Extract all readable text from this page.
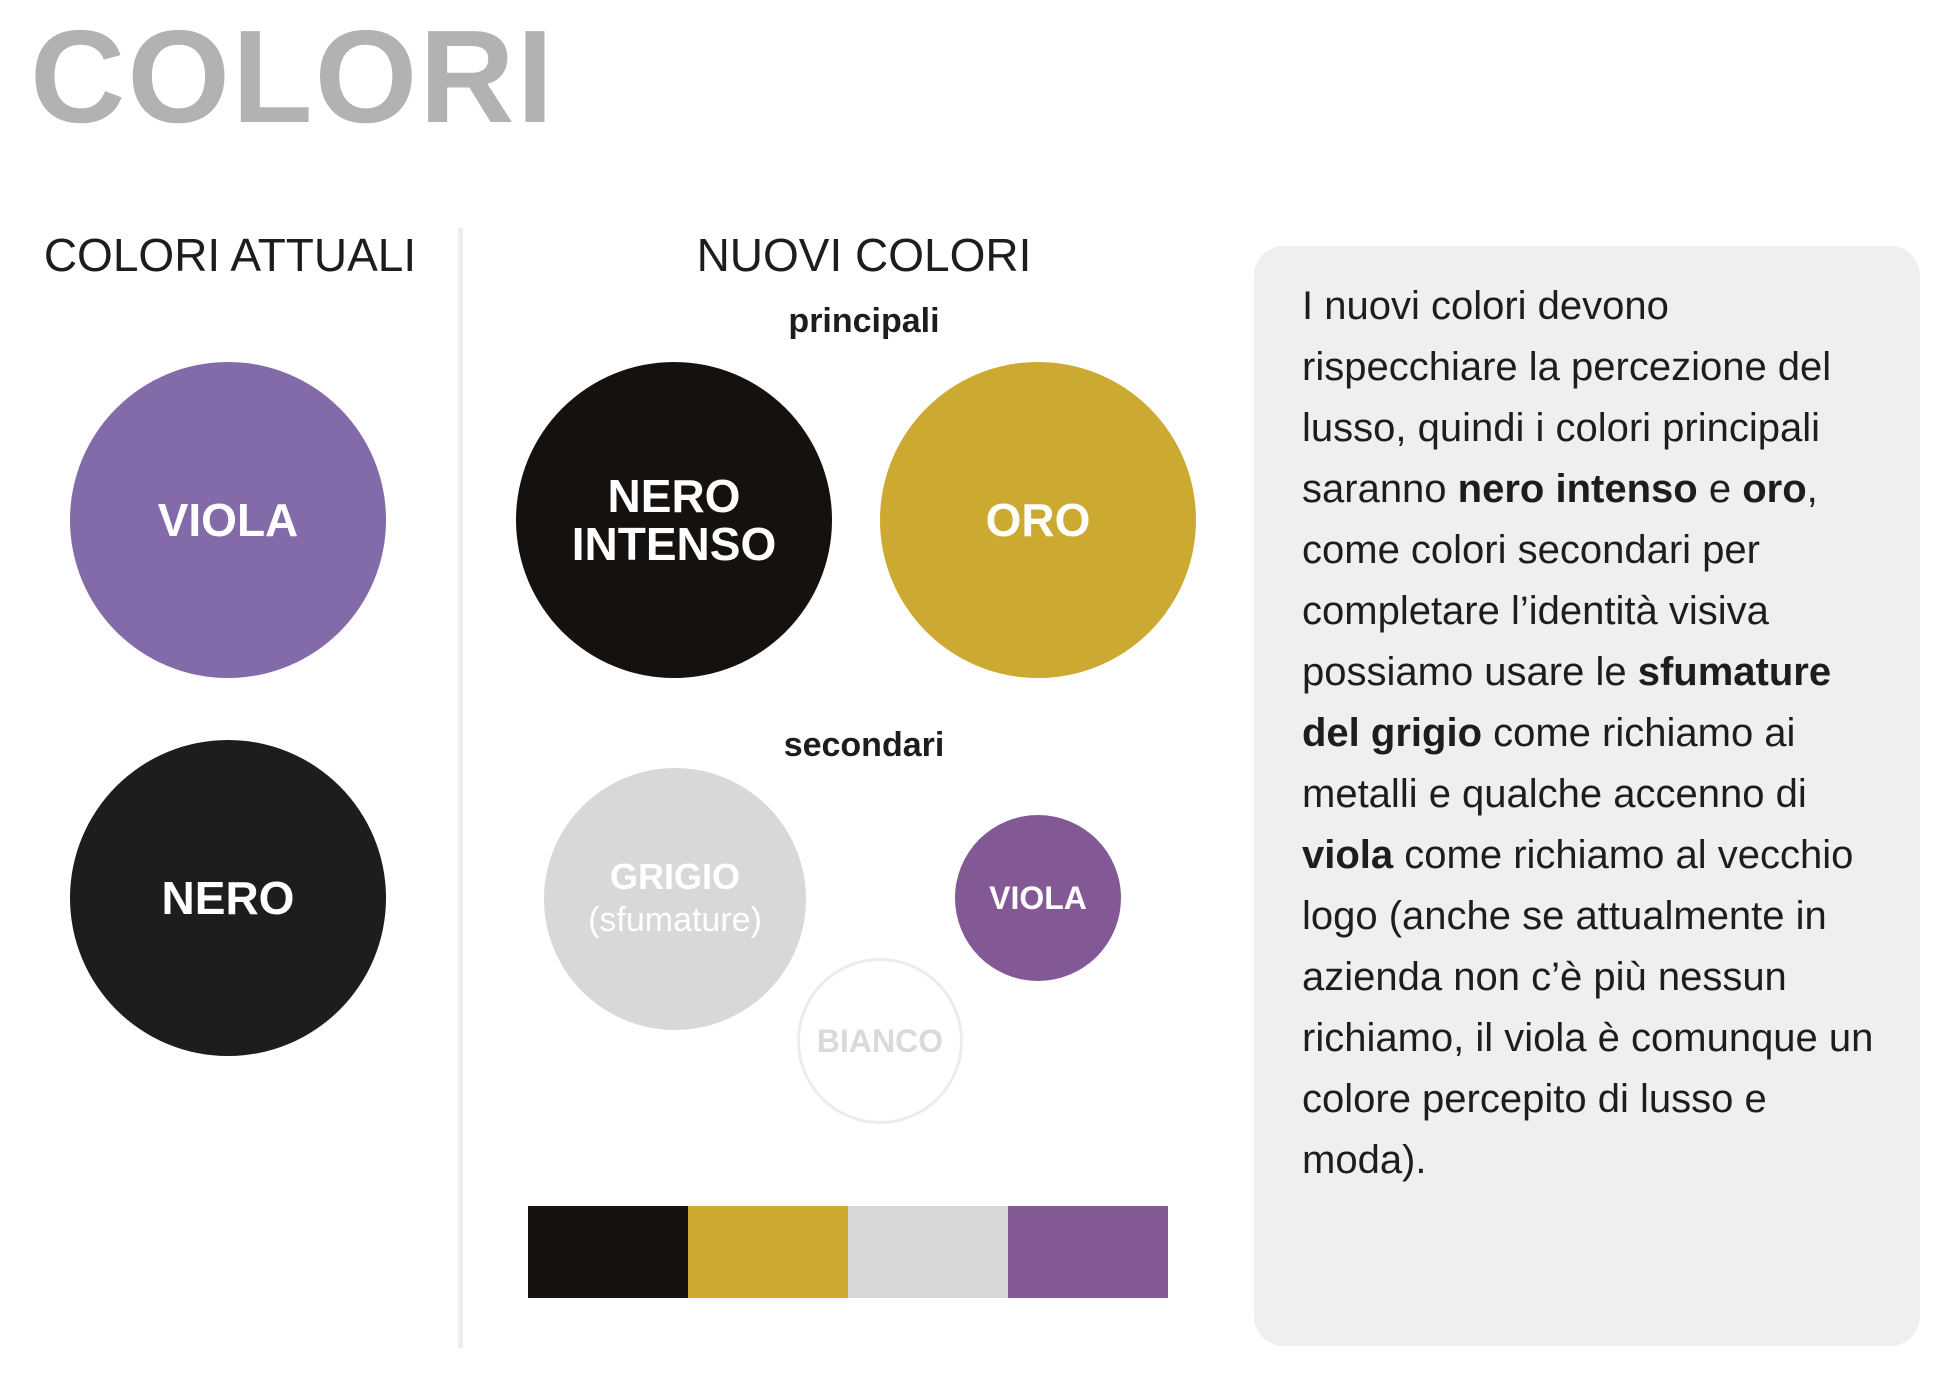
COLORI
COLORI ATTUALI
VIOLA
NERO
NUOVI COLORI
principali
NERO
INTENSO	ORO
secondari
GRIGIO
(sfumature)
VIOLA
BIANCO

I nuovi colori devono rispecchiare la percezione del lusso, quindi i colori principali saranno nero intenso e oro, come colori secondari per completare l’identità visiva possiamo usare le sfumature del grigio come richiamo ai metalli e qualche accenno di viola come richiamo al vecchio logo (anche se attualmente in azienda non c’è più nessun richiamo, il viola è comunque un colore percepito di lusso e moda).
